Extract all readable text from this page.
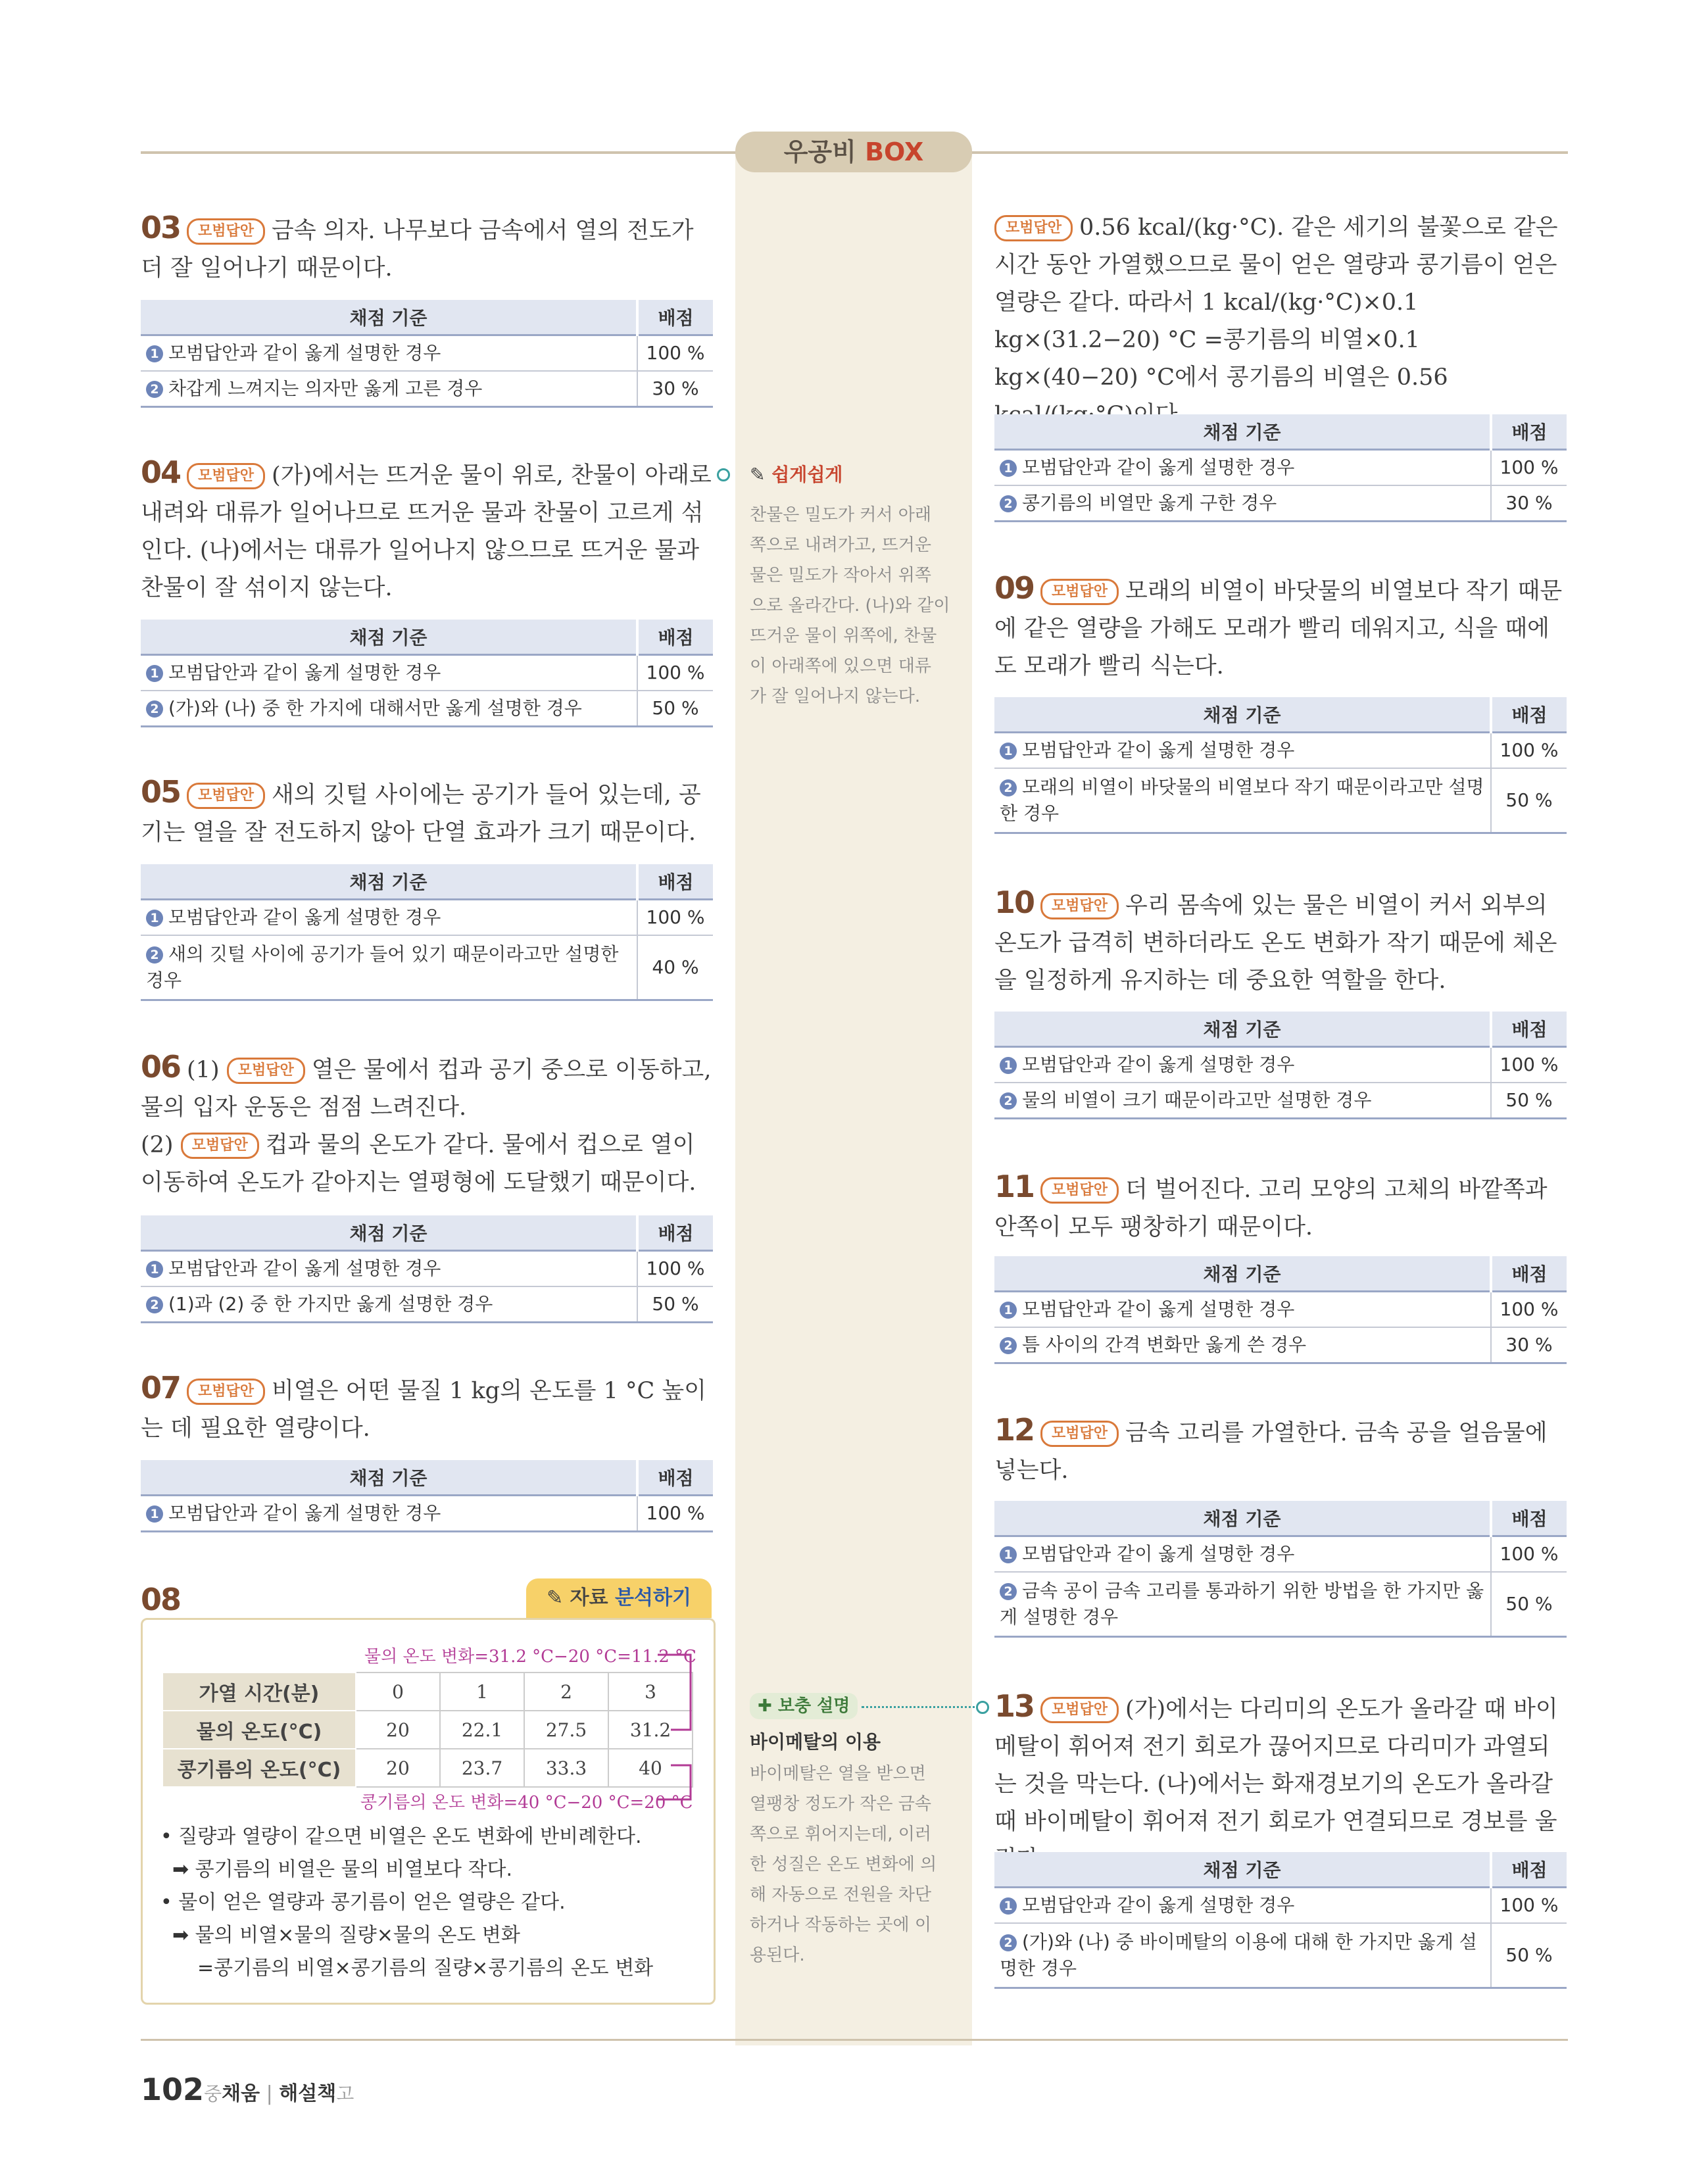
우공비 BOX
03 모범답안 금속 의자. 나무보다 금속에서 열의 전도가 더 잘 일어나기 때문이다.
채점 기준	배점
1 모범답안과 같이 옳게 설명한 경우	100 %
2 차갑게 느껴지는 의자만 옳게 고른 경우	30 %
04 모범답안 (가)에서는 뜨거운 물이 위로, 찬물이 아래로 내려와 대류가 일어나므로 뜨거운 물과 찬물이 고르게 섞인다. (나)에서는 대류가 일어나지 않으므로 뜨거운 물과 찬물이 잘 섞이지 않는다.
채점 기준	배점
1 모범답안과 같이 옳게 설명한 경우	100 %
2 (가)와 (나) 중 한 가지에 대해서만 옳게 설명한 경우	50 %
05 모범답안 새의 깃털 사이에는 공기가 들어 있는데, 공기는 열을 잘 전도하지 않아 단열 효과가 크기 때문이다.
채점 기준	배점
1 모범답안과 같이 옳게 설명한 경우	100 %
2 새의 깃털 사이에 공기가 들어 있기 때문이라고만 설명한 경우	40 %
06 (1) 모범답안 열은 물에서 컵과 공기 중으로 이동하고, 물의 입자 운동은 점점 느려진다.
(2) 모범답안 컵과 물의 온도가 같다. 물에서 컵으로 열이 이동하여 온도가 같아지는 열평형에 도달했기 때문이다.
채점 기준	배점
1 모범답안과 같이 옳게 설명한 경우	100 %
2 (1)과 (2) 중 한 가지만 옳게 설명한 경우	50 %
07 모범답안 비열은 어떤 물질 1 kg의 온도를 1 °C 높이는 데 필요한 열량이다.
채점 기준	배점
1 모범답안과 같이 옳게 설명한 경우	100 %
08	✎ 자료 분석하기
물의 온도 변화=31.2 °C−20 °C=11.2 °C
가열 시간(분)	0	1	2	3
물의 온도(°C)	20	22.1	27.5	31.2
콩기름의 온도(°C)	20	23.7	33.3	40
콩기름의 온도 변화=40 °C−20 °C=20 °C
• 질량과 열량이 같으면 비열은 온도 변화에 반비례한다.
➡ 콩기름의 비열은 물의 비열보다 작다.
• 물이 얻은 열량과 콩기름이 얻은 열량은 같다.
➡ 물의 비열×물의 질량×물의 온도 변화
=콩기름의 비열×콩기름의 질량×콩기름의 온도 변화
✎ 쉽게쉽게
찬물은 밀도가 커서 아래
쪽으로 내려가고, 뜨거운
물은 밀도가 작아서 위쪽
으로 올라간다. (나)와 같이
뜨거운 물이 위쪽에, 찬물
이 아래쪽에 있으면 대류
가 잘 일어나지 않는다.
✚ 보충 설명
바이메탈의 이용
바이메탈은 열을 받으면
열팽창 정도가 작은 금속
쪽으로 휘어지는데, 이러
한 성질은 온도 변화에 의
해 자동으로 전원을 차단
하거나 작동하는 곳에 이
용된다.
모범답안 0.56 kcal/(kg·°C). 같은 세기의 불꽃으로 같은 시간 동안 가열했으므로 물이 얻은 열량과 콩기름이 얻은 열량은 같다. 따라서 1 kcal/(kg·°C)×0.1 kg×(31.2−20) °C =콩기름의 비열×0.1 kg×(40−20) °C에서 콩기름의 비열은 0.56
채점 기준	배점
1 모범답안과 같이 옳게 설명한 경우	100 %
2 콩기름의 비열만 옳게 구한 경우	30 %
09 모범답안 모래의 비열이 바닷물의 비열보다 작기 때문에 같은 열량을 가해도 모래가 빨리 데워지고, 식을 때에도 모래가 빨리 식는다.
채점 기준	배점
1 모범답안과 같이 옳게 설명한 경우	100 %
2 모래의 비열이 바닷물의 비열보다 작기 때문이라고만 설명한 경우	50 %
10 모범답안 우리 몸속에 있는 물은 비열이 커서 외부의 온도가 급격히 변하더라도 온도 변화가 작기 때문에 체온을 일정하게 유지하는 데 중요한 역할을 한다.
채점 기준	배점
1 모범답안과 같이 옳게 설명한 경우	100 %
2 물의 비열이 크기 때문이라고만 설명한 경우	50 %
11 모범답안 더 벌어진다. 고리 모양의 고체의 바깥쪽과 안쪽이 모두 팽창하기 때문이다.
채점 기준	배점
1 모범답안과 같이 옳게 설명한 경우	100 %
2 틈 사이의 간격 변화만 옳게 쓴 경우	30 %
12 모범답안 금속 고리를 가열한다. 금속 공을 얼음물에 넣는다.
채점 기준	배점
1 모범답안과 같이 옳게 설명한 경우	100 %
2 금속 공이 금속 고리를 통과하기 위한 방법을 한 가지만 옳게 설명한 경우	50 %
13 모범답안 (가)에서는 다리미의 온도가 올라갈 때 바이메탈이 휘어져 전기 회로가 끊어지므로 다리미가 과열되는 것을 막는다. (나)에서는 화재경보기의 온도가 올라갈 때 바이메탈이 휘어져 전기 회로가 연결되므로 경보를 울
채점 기준	배점
1 모범답안과 같이 옳게 설명한 경우	100 %
2 (가)와 (나) 중 바이메탈의 이용에 대해 한 가지만 옳게 설명한 경우	50 %
102중채움 | 해설책고
